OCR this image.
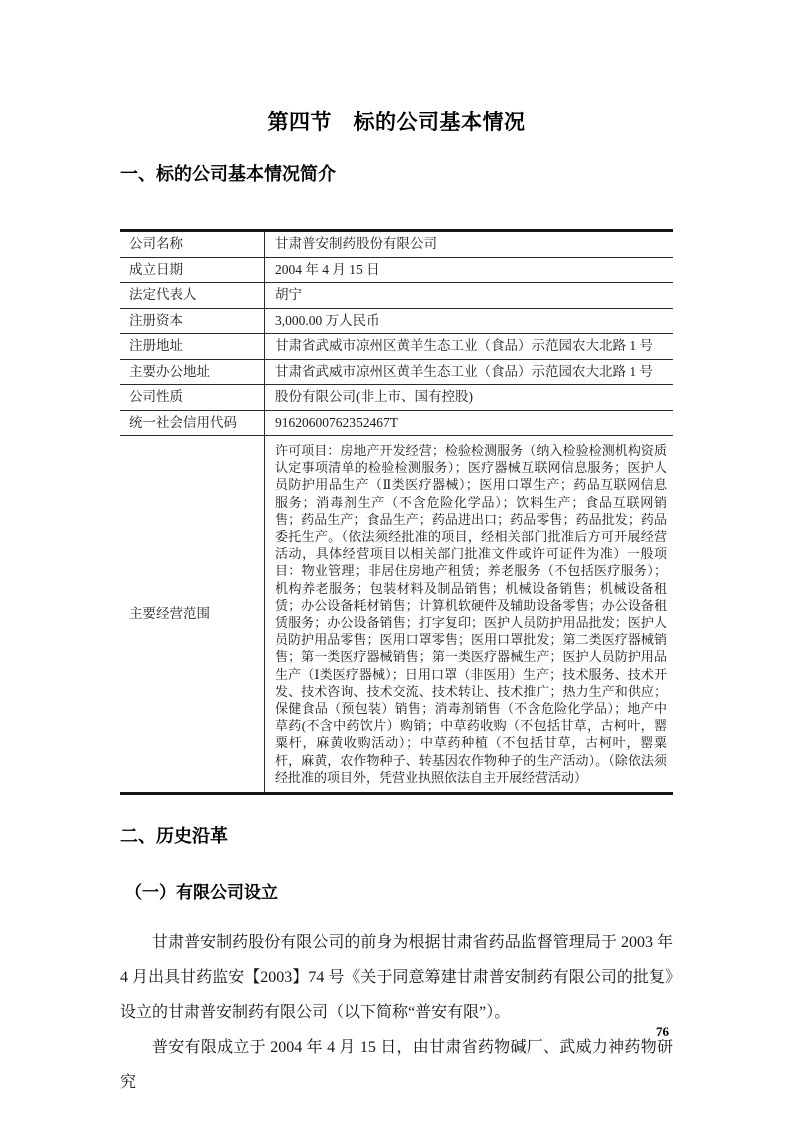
第四节　标的公司基本情况
一、标的公司基本情况简介
公司名称	甘肃普安制药股份有限公司
成立日期	2004 年 4 月 15 日
法定代表人	胡宁
注册资本	3,000.00 万人民币
注册地址	甘肃省武威市凉州区黄羊生态工业（食品）示范园农大北路 1 号
主要办公地址	甘肃省武威市凉州区黄羊生态工业（食品）示范园农大北路 1 号
公司性质	股份有限公司(非上市、国有控股)
统一社会信用代码	91620600762352467T
主要经营范围	许可项目：房地产开发经营；检验检测服务（纳入检验检测机构资质认定事项清单的检验检测服务）；医疗器械互联网信息服务；医护人员防护用品生产（Ⅱ类医疗器械）；医用口罩生产；药品互联网信息服务；消毒剂生产（不含危险化学品）；饮料生产；食品互联网销售；药品生产；食品生产；药品进出口；药品零售；药品批发；药品委托生产。（依法须经批准的项目，经相关部门批准后方可开展经营活动，具体经营项目以相关部门批准文件或许可证件为准）一般项目：物业管理；非居住房地产租赁；养老服务（不包括医疗服务）；机构养老服务；包装材料及制品销售；机械设备销售；机械设备租赁；办公设备耗材销售；计算机软硬件及辅助设备零售；办公设备租赁服务；办公设备销售；打字复印；医护人员防护用品批发；医护人员防护用品零售；医用口罩零售；医用口罩批发；第二类医疗器械销售；第一类医疗器械销售；第一类医疗器械生产；医护人员防护用品生产（Ⅰ类医疗器械）；日用口罩（非医用）生产；技术服务、技术开发、技术咨询、技术交流、技术转让、技术推广；热力生产和供应；保健食品（预包装）销售；消毒剂销售（不含危险化学品）；地产中草药(不含中药饮片）购销；中草药收购（不包括甘草，古柯叶，罂粟杆，麻黄收购活动）；中草药种植（不包括甘草，古柯叶，罂粟杆，麻黄，农作物种子、转基因农作物种子的生产活动）。（除依法须经批准的项目外，凭营业执照依法自主开展经营活动）
二、历史沿革
（一）有限公司设立

甘肃普安制药股份有限公司的前身为根据甘肃省药品监督管理局于 2003 年 4 月出具甘药监安【2003】74 号《关于同意筹建甘肃普安制药有限公司的批复》设立的甘肃普安制药有限公司（以下简称“普安有限”）。

普安有限成立于 2004 年 4 月 15 日，由甘肃省药物碱厂、武威力神药物研究

76
